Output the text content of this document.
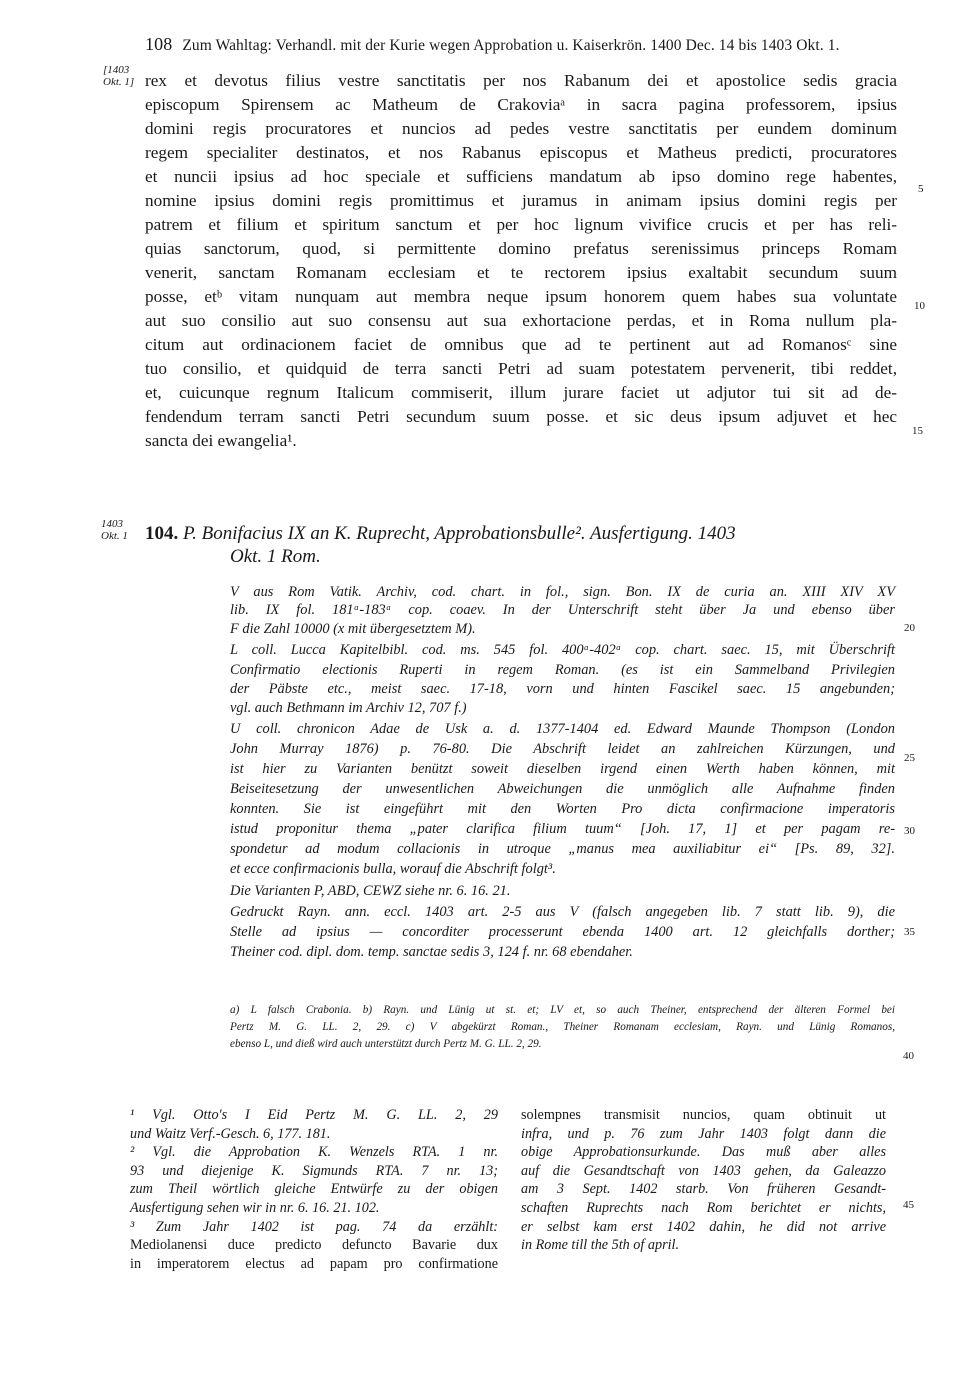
108 Zum Wahltag: Verhandl. mit der Kurie wegen Approbation u. Kaiserkrön. 1400 Dec. 14 bis 1403 Okt. 1.
[1403
Okt. 1]
1403
Okt. 1
5
10
15
20
25
30
35
40
45
rex et devotus filius vestre sanctitatis per nos Rabanum dei et apostolice sedis gracia
episcopum Spirensem ac Matheum de Crakoviaᵃ in sacra pagina professorem, ipsius
domini regis procuratores et nuncios ad pedes vestre sanctitatis per eundem dominum
regem specialiter destinatos, et nos Rabanus episcopus et Matheus predicti, procuratores
et nuncii ipsius ad hoc speciale et sufficiens mandatum ab ipso domino rege habentes,
nomine ipsius domini regis promittimus et juramus in animam ipsius domini regis per
patrem et filium et spiritum sanctum et per hoc lignum vivifice crucis et per has reli-
quias sanctorum, quod, si permittente domino prefatus serenissimus princeps Romam
venerit, sanctam Romanam ecclesiam et te rectorem ipsius exaltabit secundum suum
posse, etᵇ vitam nunquam aut membra neque ipsum honorem quem habes sua voluntate
aut suo consilio aut suo consensu aut sua exhortacione perdas, et in Roma nullum pla-
citum aut ordinacionem faciet de omnibus que ad te pertinent aut ad Romanosᶜ sine
tuo consilio, et quidquid de terra sancti Petri ad suam potestatem pervenerit, tibi reddet,
et, cuicunque regnum Italicum commiserit, illum jurare faciet ut adjutor tui sit ad de-
fendendum terram sancti Petri secundum suum posse. et sic deus ipsum adjuvet et hec
sancta dei ewangelia¹.
104. P. Bonifacius IX an K. Ruprecht, Approbationsbulle². Ausfertigung. 1403
Okt. 1 Rom.
V aus Rom Vatik. Archiv, cod. chart. in fol., sign. Bon. IX de curia an. XIII XIV XV
lib. IX fol. 181ᵃ-183ᵃ cop. coaev. In der Unterschrift steht über Ja und ebenso über
F die Zahl 10000 (x mit übergesetztem M).
L coll. Lucca Kapitelbibl. cod. ms. 545 fol. 400ᵃ-402ᵃ cop. chart. saec. 15, mit Überschrift
Confirmatio electionis Ruperti in regem Roman. (es ist ein Sammelband Privilegien
der Päbste etc., meist saec. 17-18, vorn und hinten Fascikel saec. 15 angebunden;
vgl. auch Bethmann im Archiv 12, 707 f.)
U coll. chronicon Adae de Usk a. d. 1377-1404 ed. Edward Maunde Thompson (London
John Murray 1876) p. 76-80. Die Abschrift leidet an zahlreichen Kürzungen, und
ist hier zu Varianten benützt soweit dieselben irgend einen Werth haben können, mit
Beiseitesetzung der unwesentlichen Abweichungen die unmöglich alle Aufnahme finden
konnten. Sie ist eingeführt mit den Worten Pro dicta confirmacione imperatoris
istud proponitur thema „pater clarifica filium tuum“ [Joh. 17, 1] et per pagam re-
spondetur ad modum collacionis in utroque „manus mea auxiliabitur ei“ [Ps. 89, 32].
et ecce confirmacionis bulla, worauf die Abschrift folgt³.
Die Varianten P, ABD, CEWZ siehe nr. 6. 16. 21.
Gedruckt Rayn. ann. eccl. 1403 art. 2-5 aus V (falsch angegeben lib. 7 statt lib. 9), die
Stelle ad ipsius — concorditer processerunt ebenda 1400 art. 12 gleichfalls dorther;
Theiner cod. dipl. dom. temp. sanctae sedis 3, 124 f. nr. 68 ebendaher.
a) L falsch Crabonia. b) Rayn. und Lünig ut st. et; LV et, so auch Theiner, entsprechend der älteren Formel bei
Pertz M. G. LL. 2, 29. c) V abgekürzt Roman., Theiner Romanam ecclesiam, Rayn. und Lünig Romanos,
ebenso L, und dieß wird auch unterstützt durch Pertz M. G. LL. 2, 29.
¹ Vgl. Otto's I Eid Pertz M. G. LL. 2, 29
und Waitz Verf.-Gesch. 6, 177. 181.
² Vgl. die Approbation K. Wenzels RTA. 1 nr.
93 und diejenige K. Sigmunds RTA. 7 nr. 13;
zum Theil wörtlich gleiche Entwürfe zu der obigen
Ausfertigung sehen wir in nr. 6. 16. 21. 102.
³ Zum Jahr 1402 ist pag. 74 da erzählt:
Mediolanensi duce predicto defuncto Bavarie dux
in imperatorem electus ad papam pro confirmatione
solempnes transmisit nuncios, quam obtinuit ut
infra, und p. 76 zum Jahr 1403 folgt dann die
obige Approbationsurkunde. Das muß aber alles
auf die Gesandtschaft von 1403 gehen, da Galeazzo
am 3 Sept. 1402 starb. Von früheren Gesandt-
schaften Ruprechts nach Rom berichtet er nichts,
er selbst kam erst 1402 dahin, he did not arrive
in Rome till the 5th of april.
